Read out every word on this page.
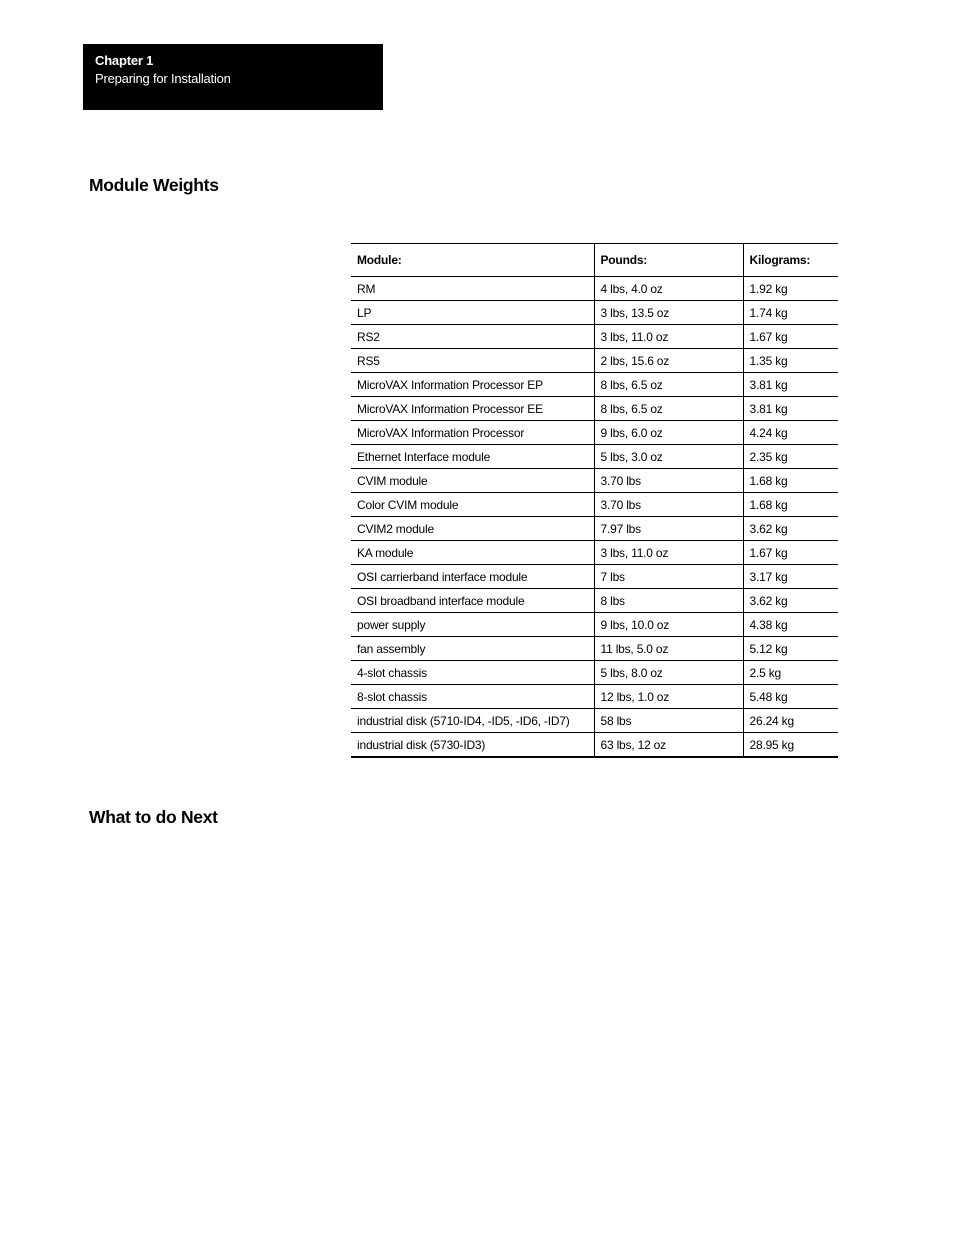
Chapter 1
Preparing for Installation
Module Weights
Module:	Pounds:	Kilograms:
RM	4 lbs, 4.0 oz	1.92 kg
LP	3 lbs, 13.5 oz	1.74 kg
RS2	3 lbs, 11.0 oz	1.67 kg
RS5	2 lbs, 15.6 oz	1.35 kg
MicroVAX Information Processor EP	8 lbs, 6.5 oz	3.81 kg
MicroVAX Information Processor EE	8 lbs, 6.5 oz	3.81 kg
MicroVAX Information Processor	9 lbs, 6.0 oz	4.24 kg
Ethernet Interface module	5 lbs, 3.0 oz	2.35 kg
CVIM module	3.70 lbs	1.68 kg
Color CVIM module	3.70 lbs	1.68 kg
CVIM2 module	7.97 lbs	3.62 kg
KA module	3 lbs, 11.0 oz	1.67 kg
OSI carrierband interface module	7 lbs	3.17 kg
OSI broadband interface module	8 lbs	3.62 kg
power supply	9 lbs, 10.0 oz	4.38 kg
fan assembly	11 lbs, 5.0 oz	5.12 kg
4-slot chassis	5 lbs, 8.0 oz	2.5 kg
8-slot chassis	12 lbs, 1.0 oz	5.48 kg
industrial disk (5710-ID4, -ID5, -ID6, -ID7)	58 lbs	26.24 kg
industrial disk (5730-ID3)	63 lbs, 12 oz	28.95 kg
What to do Next
